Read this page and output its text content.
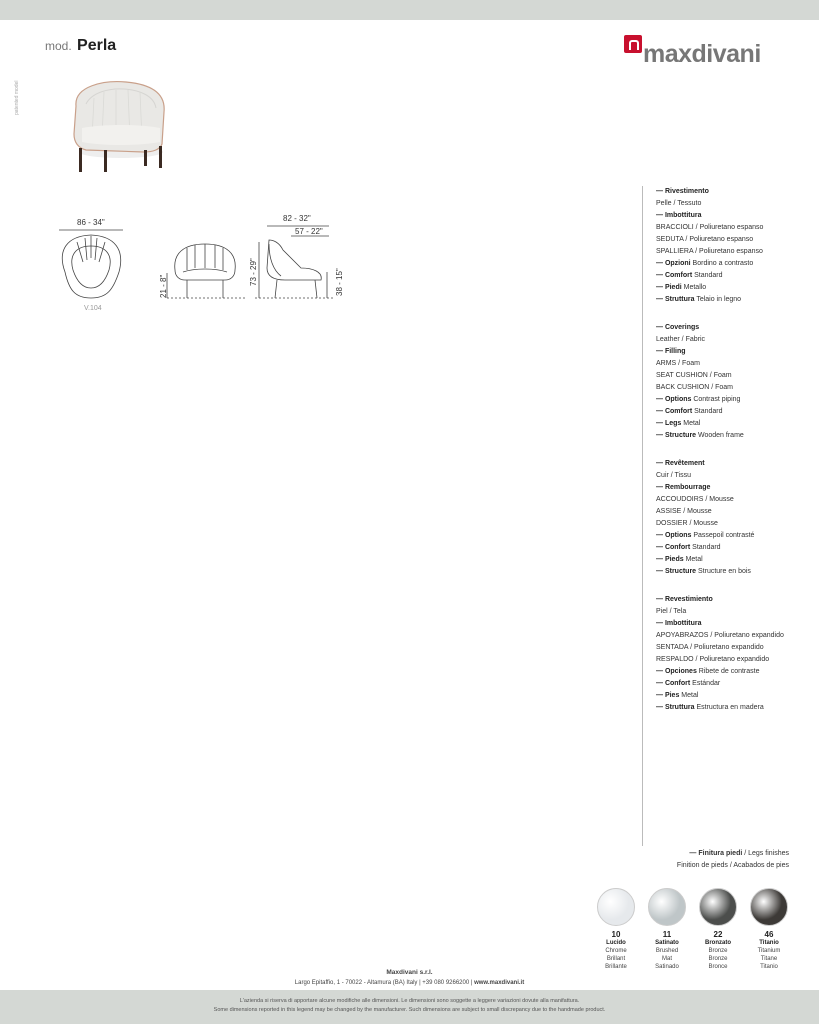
mod. Perla	maxdivani
patented model
86 - 34"	82 - 32"
57 - 22"
21 - 8"
73 - 29"	38 - 15"
V.104
— Rivestimento
Pelle / Tessuto
— Imbottitura
BRACCIOLI / Poliuretano espanso
SEDUTA / Poliuretano espanso
SPALLIERA / Poliuretano espanso
— Opzioni Bordino a contrasto
— Comfort Standard
— Piedi Metallo
— Struttura Telaio in legno
— Coverings
Leather / Fabric
— Filling
ARMS / Foam
SEAT CUSHION / Foam
BACK CUSHION / Foam
— Options Contrast piping
— Comfort Standard
— Legs Metal
— Structure Wooden frame
— Revêtement
Cuir / Tissu
— Rembourrage
ACCOUDOIRS / Mousse
ASSISE / Mousse
DOSSIER / Mousse
— Options Passepoil contrasté
— Confort Standard
— Pieds Metal
— Structure Structure en bois
— Revestimiento
Piel / Tela
— Imbottitura
APOYABRAZOS / Poliuretano expandido
SENTADA / Poliuretano expandido
RESPALDO / Poliuretano expandido
— Opciones Ribete de contraste
— Confort Estándar
— Pies Metal
— Struttura Estructura en madera
— Finitura piedi / Legs finishes
Finition de pieds / Acabados de pies
10
Lucido
Chrome
Brillant
Brillante
11
Satinato
Brushed
Mat
Satinado
22
Bronzato
Bronze
Bronze
Bronce
46
Titanio
Titanium
Titane
Titanio
Maxdivani s.r.l.
Largo Epitaffio, 1 - 70022 - Altamura (BA) Italy | +39 080 9266200 | www.maxdivani.it
L'azienda si riserva di apportare alcune modifiche alle dimensioni. Le dimensioni sono soggette a leggere variazioni dovute alla manifattura.
Some dimensions reported in this legend may be changed by the manufacturer. Such dimensions are subject to small discrepancy due to the handmade product.
